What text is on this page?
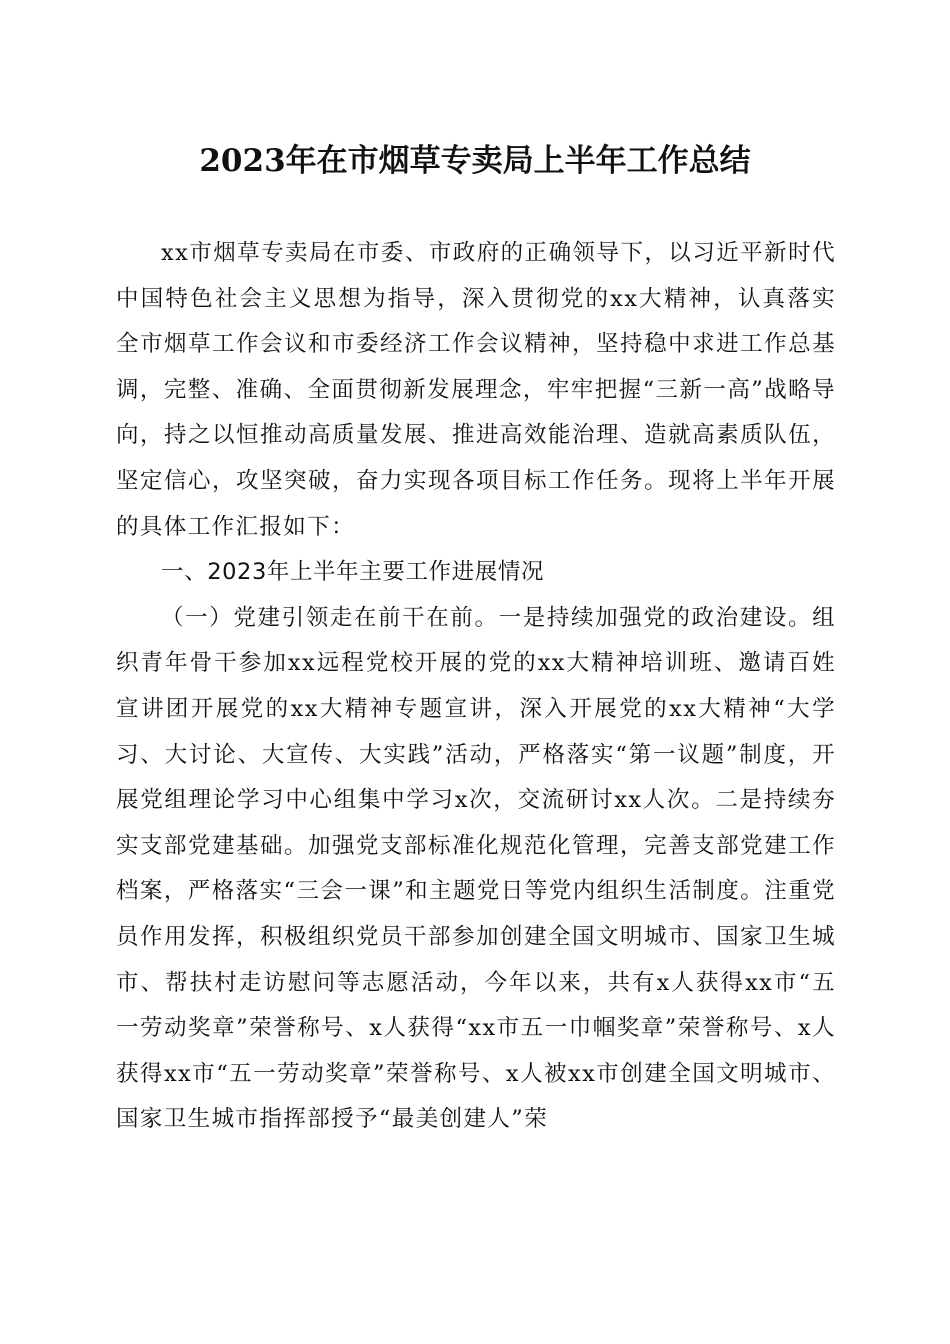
2023年在市烟草专卖局上半年工作总结

xx市烟草专卖局在市委、市政府的正确领导下，以习近平新时代中国特色社会主义思想为指导，深入贯彻党的xx大精神，认真落实全市烟草工作会议和市委经济工作会议精神，坚持稳中求进工作总基调，完整、准确、全面贯彻新发展理念，牢牢把握“三新一高”战略导向，持之以恒推动高质量发展、推进高效能治理、造就高素质队伍，坚定信心，攻坚突破，奋力实现各项目标工作任务。现将上半年开展的具体工作汇报如下：

一、2023年上半年主要工作进展情况

（一）党建引领走在前干在前。一是持续加强党的政治建设。组织青年骨干参加xx远程党校开展的党的xx大精神培训班、邀请百姓宣讲团开展党的xx大精神专题宣讲，深入开展党的xx大精神“大学习、大讨论、大宣传、大实践”活动，严格落实“第一议题”制度，开展党组理论学习中心组集中学习x次，交流研讨xx人次。二是持续夯实支部党建基础。加强党支部标准化规范化管理，完善支部党建工作档案，严格落实“三会一课”和主题党日等党内组织生活制度。注重党员作用发挥，积极组织党员干部参加创建全国文明城市、国家卫生城市、帮扶村走访慰问等志愿活动，今年以来，共有x人获得xx市“五一劳动奖章”荣誉称号、x人获得“xx市五一巾帼奖章”荣誉称号、x人获得xx市“五一劳动奖章”荣誉称号、x人被xx市创建全国文明城市、国家卫生城市指挥部授予“最美创建人”荣
